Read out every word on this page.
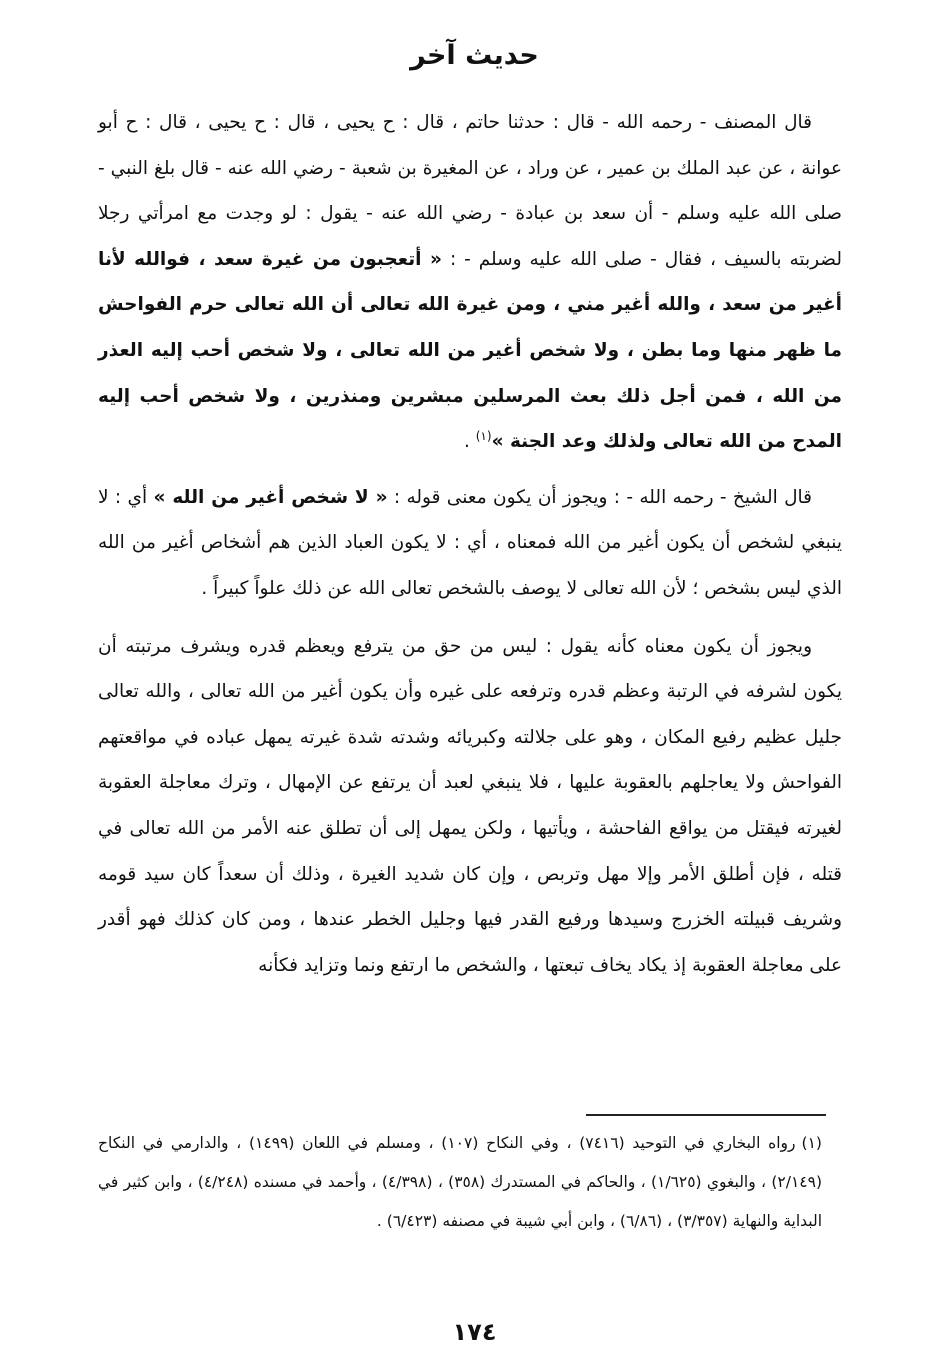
حديث آخر

قال المصنف - رحمه الله - قال : حدثنا حاتم ، قال : ح يحيى ، قال : ح يحيى ، قال : ح أبو عوانة ، عن عبد الملك بن عمير ، عن وراد ، عن المغيرة بن شعبة - رضي الله عنه - قال بلغ النبي - صلى الله عليه وسلم - أن سعد بن عبادة - رضي الله عنه - يقول : لو وجدت مع امرأتي رجلا لضربته بالسيف ، فقال - صلى الله عليه وسلم - : « أتعجبون من غيرة سعد ، فوالله لأنا أغير من سعد ، والله أغير مني ، ومن غيرة الله تعالى أن الله تعالى حرم الفواحش ما ظهر منها وما بطن ، ولا شخص أغير من الله تعالى ، ولا شخص أحب إليه العذر من الله ، فمن أجل ذلك بعث المرسلين مبشرين ومنذرين ، ولا شخص أحب إليه المدح من الله تعالى ولذلك وعد الجنة »$^{(١)}$ .

قال الشيخ - رحمه الله - : ويجوز أن يكون معنى قوله : « لا شخص أغير من الله » أي : لا ينبغي لشخص أن يكون أغير من الله فمعناه ، أي : لا يكون العباد الذين هم أشخاص أغير من الله الذي ليس بشخص ؛ لأن الله تعالى لا يوصف بالشخص تعالى الله عن ذلك علواً كبيراً .

ويجوز أن يكون معناه كأنه يقول : ليس من حق من يترفع ويعظم قدره ويشرف مرتبته أن يكون لشرفه في الرتبة وعظم قدره وترفعه على غيره وأن يكون أغير من الله تعالى ، والله تعالى جليل عظيم رفيع المكان ، وهو على جلالته وكبريائه وشدته شدة غيرته يمهل عباده في مواقعتهم الفواحش ولا يعاجلهم بالعقوبة عليها ، فلا ينبغي لعبد أن يرتفع عن الإمهال ، وترك معاجلة العقوبة لغيرته فيقتل من يواقع الفاحشة ، ويأتيها ، ولكن يمهل إلى أن تطلق عنه الأمر من الله تعالى في قتله ، فإن أطلق الأمر وإلا مهل وتربص ، وإن كان شديد الغيرة ، وذلك أن سعداً كان سيد قومه وشريف قبيلته الخزرج وسيدها ورفيع القدر فيها وجليل الخطر عندها ، ومن كان كذلك فهو أقدر على معاجلة العقوبة إذ يكاد يخاف تبعتها ، والشخص ما ارتفع ونما وتزايد فكأنه

(١)رواه البخاري في التوحيد (٧٤١٦) ، وفي النكاح (١٠٧) ، ومسلم في اللعان (١٤٩٩) ، والدارمي في النكاح (٢/١٤٩) ، والبغوي (١/٦٢٥) ، والحاكم في المستدرك (٣٥٨) ، (٤/٣٩٨) ، وأحمد في مسنده (٤/٢٤٨) ، وابن كثير في البداية والنهاية (٣/٣٥٧) ، (٦/٨٦) ، وابن أبي شيبة في مصنفه (٦/٤٢٣) .

١٧٤
